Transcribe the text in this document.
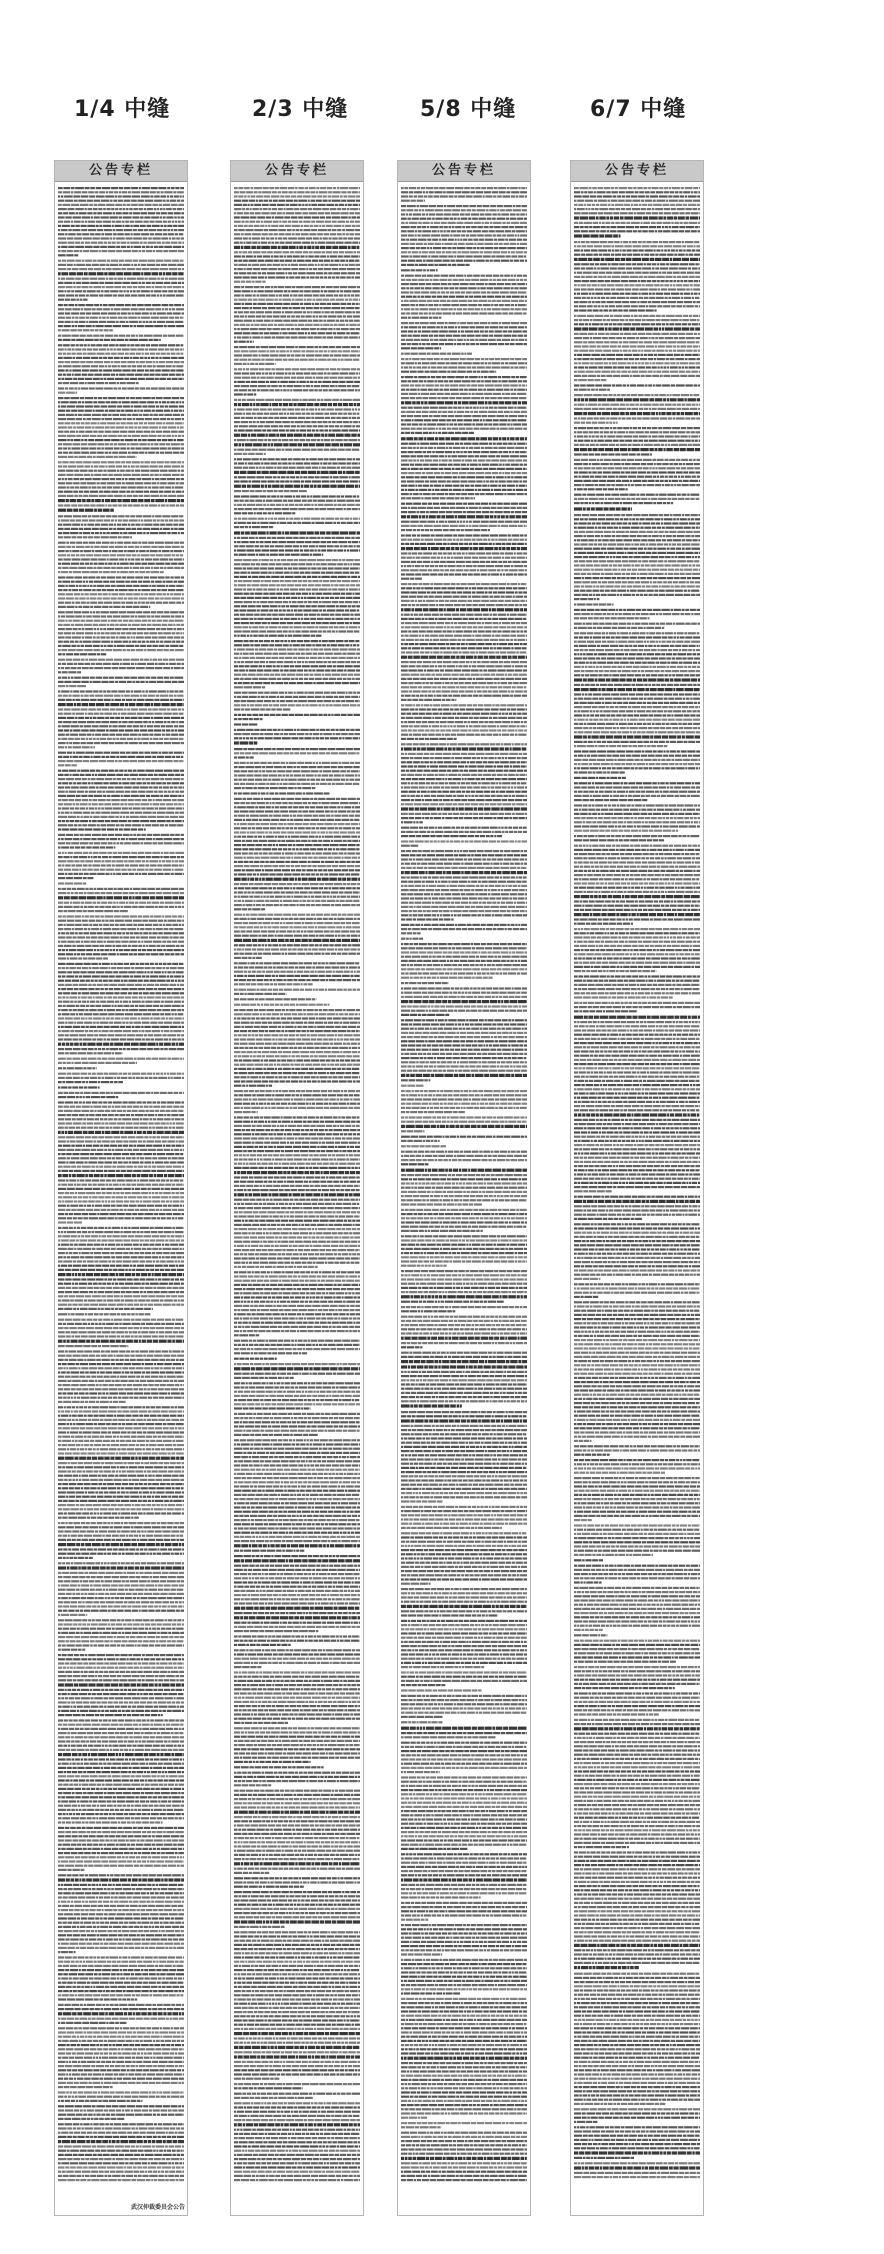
1/4 中缝	2/3 中缝	5/8 中缝	6/7 中缝
公告专栏
武汉仲裁委员会公告
公告专栏	公告专栏	公告专栏
